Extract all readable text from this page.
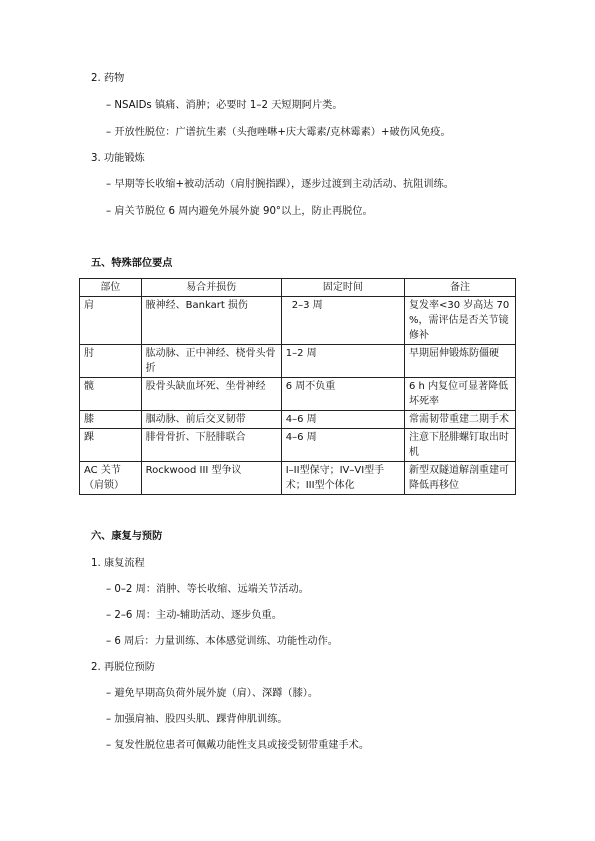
2. 药物
– NSAIDs 镇痛、消肿；必要时 1–2 天短期阿片类。
– 开放性脱位：广谱抗生素（头孢唑啉+庆大霉素/克林霉素）+破伤风免疫。
3. 功能锻炼
– 早期等长收缩+被动活动（肩肘腕指踝），逐步过渡到主动活动、抗阻训练。
– 肩关节脱位 6 周内避免外展外旋 90°以上，防止再脱位。
五、特殊部位要点
部位	易合并损伤	固定时间	备注
肩	腋神经、Bankart 损伤	2–3 周	复发率<30 岁高达 70 %，需评估是否关节镜修补
肘	肱动脉、正中神经、桡骨头骨折	1–2 周	早期屈伸锻炼防僵硬
髋	股骨头缺血坏死、坐骨神经	6 周不负重	6 h 内复位可显著降低坏死率
膝	腘动脉、前后交叉韧带	4–6 周	常需韧带重建二期手术
踝	腓骨骨折、下胫腓联合	4–6 周	注意下胫腓螺钉取出时机
AC 关节（肩锁）	Rockwood III 型争议	I–II型保守；IV–VI型手术；III型个体化	新型双隧道解剖重建可降低再移位
六、康复与预防
1. 康复流程
– 0–2 周：消肿、等长收缩、远端关节活动。
– 2–6 周：主动-辅助活动、逐步负重。
– 6 周后：力量训练、本体感觉训练、功能性动作。
2. 再脱位预防
– 避免早期高负荷外展外旋（肩）、深蹲（膝）。
– 加强肩袖、股四头肌、踝背伸肌训练。
– 复发性脱位患者可佩戴功能性支具或接受韧带重建手术。
